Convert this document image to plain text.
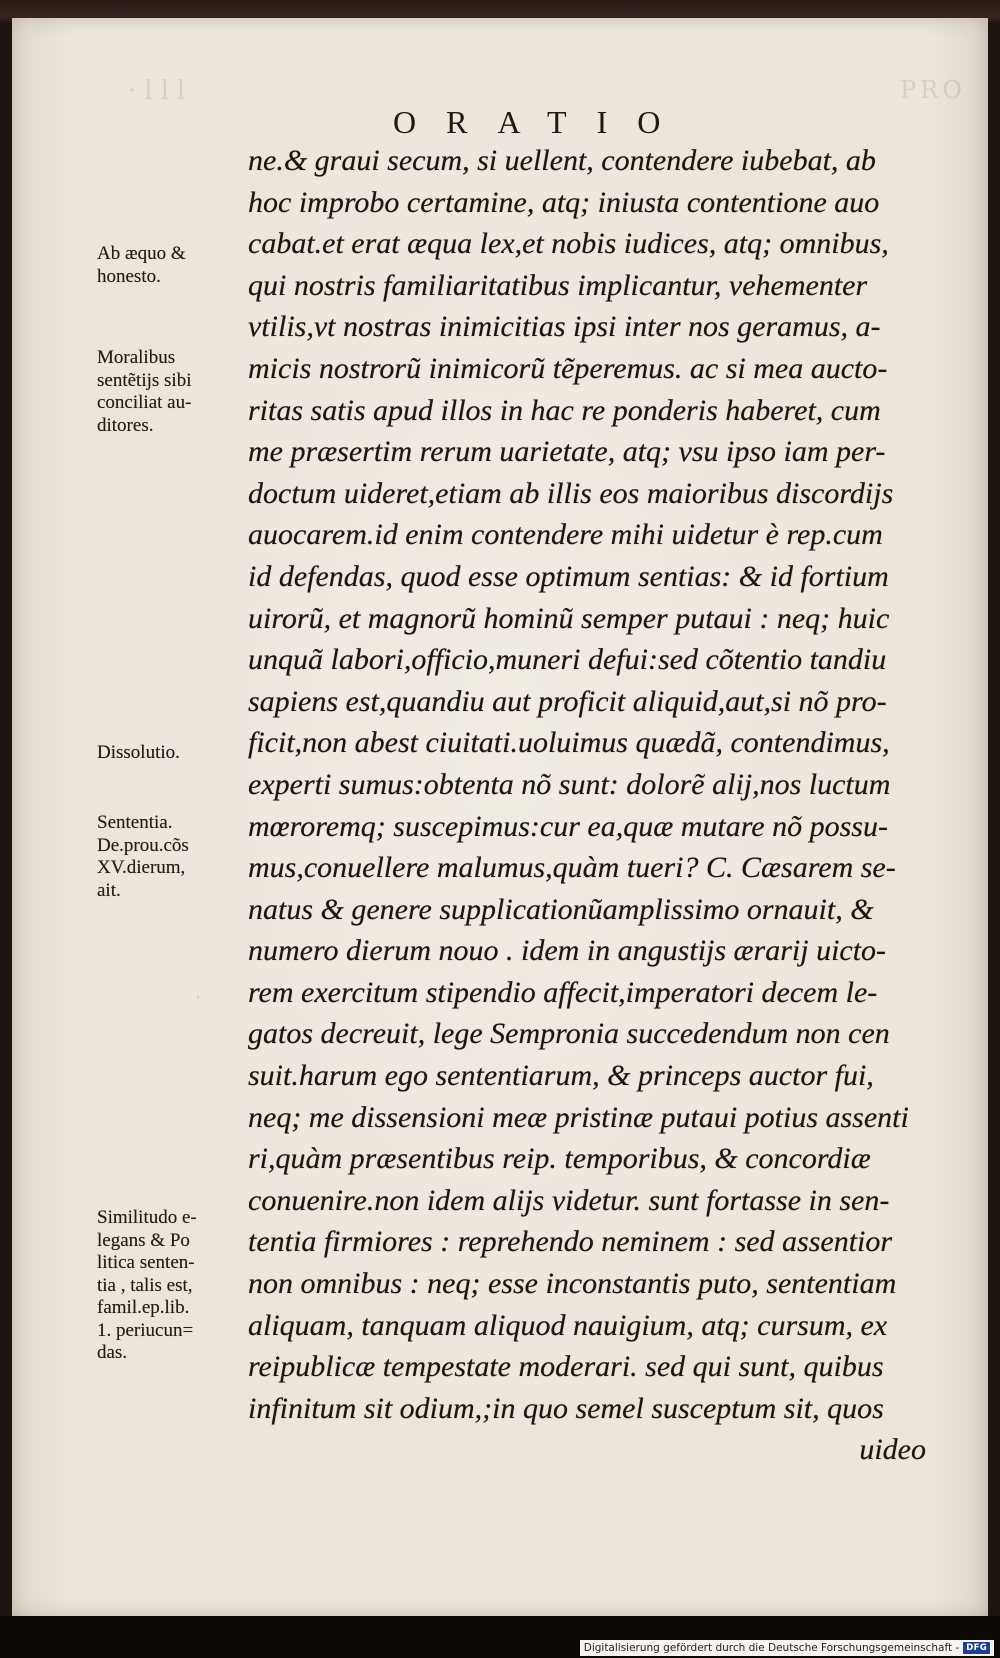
·lll	PRO
·
ORATIO
Ab æquo &
honesto.
Moralibus
sentẽtijs sibi
conciliat au-
ditores.
Dissolutio.
Sententia.
De.prou.cõs
XV.dierum,
ait.
Similitudo e-
legans & Po
litica senten-
tia , talis est,
famil.ep.lib.
1. periucun=
das.
ne.& graui secum, si uellent, contendere iubebat, ab
hoc improbo certamine, atq; iniusta contentione auo
cabat.et erat æqua lex,et nobis iudices, atq; omnibus,
qui nostris familiaritatibus implicantur, vehementer
vtilis,vt nostras inimicitias ipsi inter nos geramus, a-
micis nostrorũ inimicorũ tẽperemus. ac si mea aucto-
ritas satis apud illos in hac re ponderis haberet, cum
me præsertim rerum uarietate, atq; vsu ipso iam per-
doctum uideret,etiam ab illis eos maioribus discordijs
auocarem.id enim contendere mihi uidetur è rep.cum
id defendas, quod esse optimum sentias: & id fortium
uirorũ, et magnorũ hominũ semper putaui : neq; huic
unquã labori,officio,muneri defui:sed cõtentio tandiu
sapiens est,quandiu aut proficit aliquid,aut,si nõ pro-
ficit,non abest ciuitati.uoluimus quædã, contendimus,
experti sumus:obtenta nõ sunt: dolorẽ alij,nos luctum
mœroremq; suscepimus:cur ea,quæ mutare nõ possu-
mus,conuellere malumus,quàm tueri? C. Cæsarem se-
natus & genere supplicationũamplissimo ornauit, &
numero dierum nouo . idem in angustijs ærarij uicto-
rem exercitum stipendio affecit,imperatori decem le-
gatos decreuit, lege Sempronia succedendum non cen
suit.harum ego sententiarum, & princeps auctor fui,
neq; me dissensioni meæ pristinæ putaui potius assenti
ri,quàm præsentibus reip. temporibus, & concordiæ
conuenire.non idem alijs videtur. sunt fortasse in sen-
tentia firmiores : reprehendo neminem : sed assentior
non omnibus : neq; esse inconstantis puto, sententiam
aliquam, tanquam aliquod nauigium, atq; cursum, ex
reipublicæ tempestate moderari. sed qui sunt, quibus
infinitum sit odium,;in quo semel susceptum sit, quos
uideo
Digitalisierung gefördert durch die Deutsche Forschungsgemeinschaft - DFG
